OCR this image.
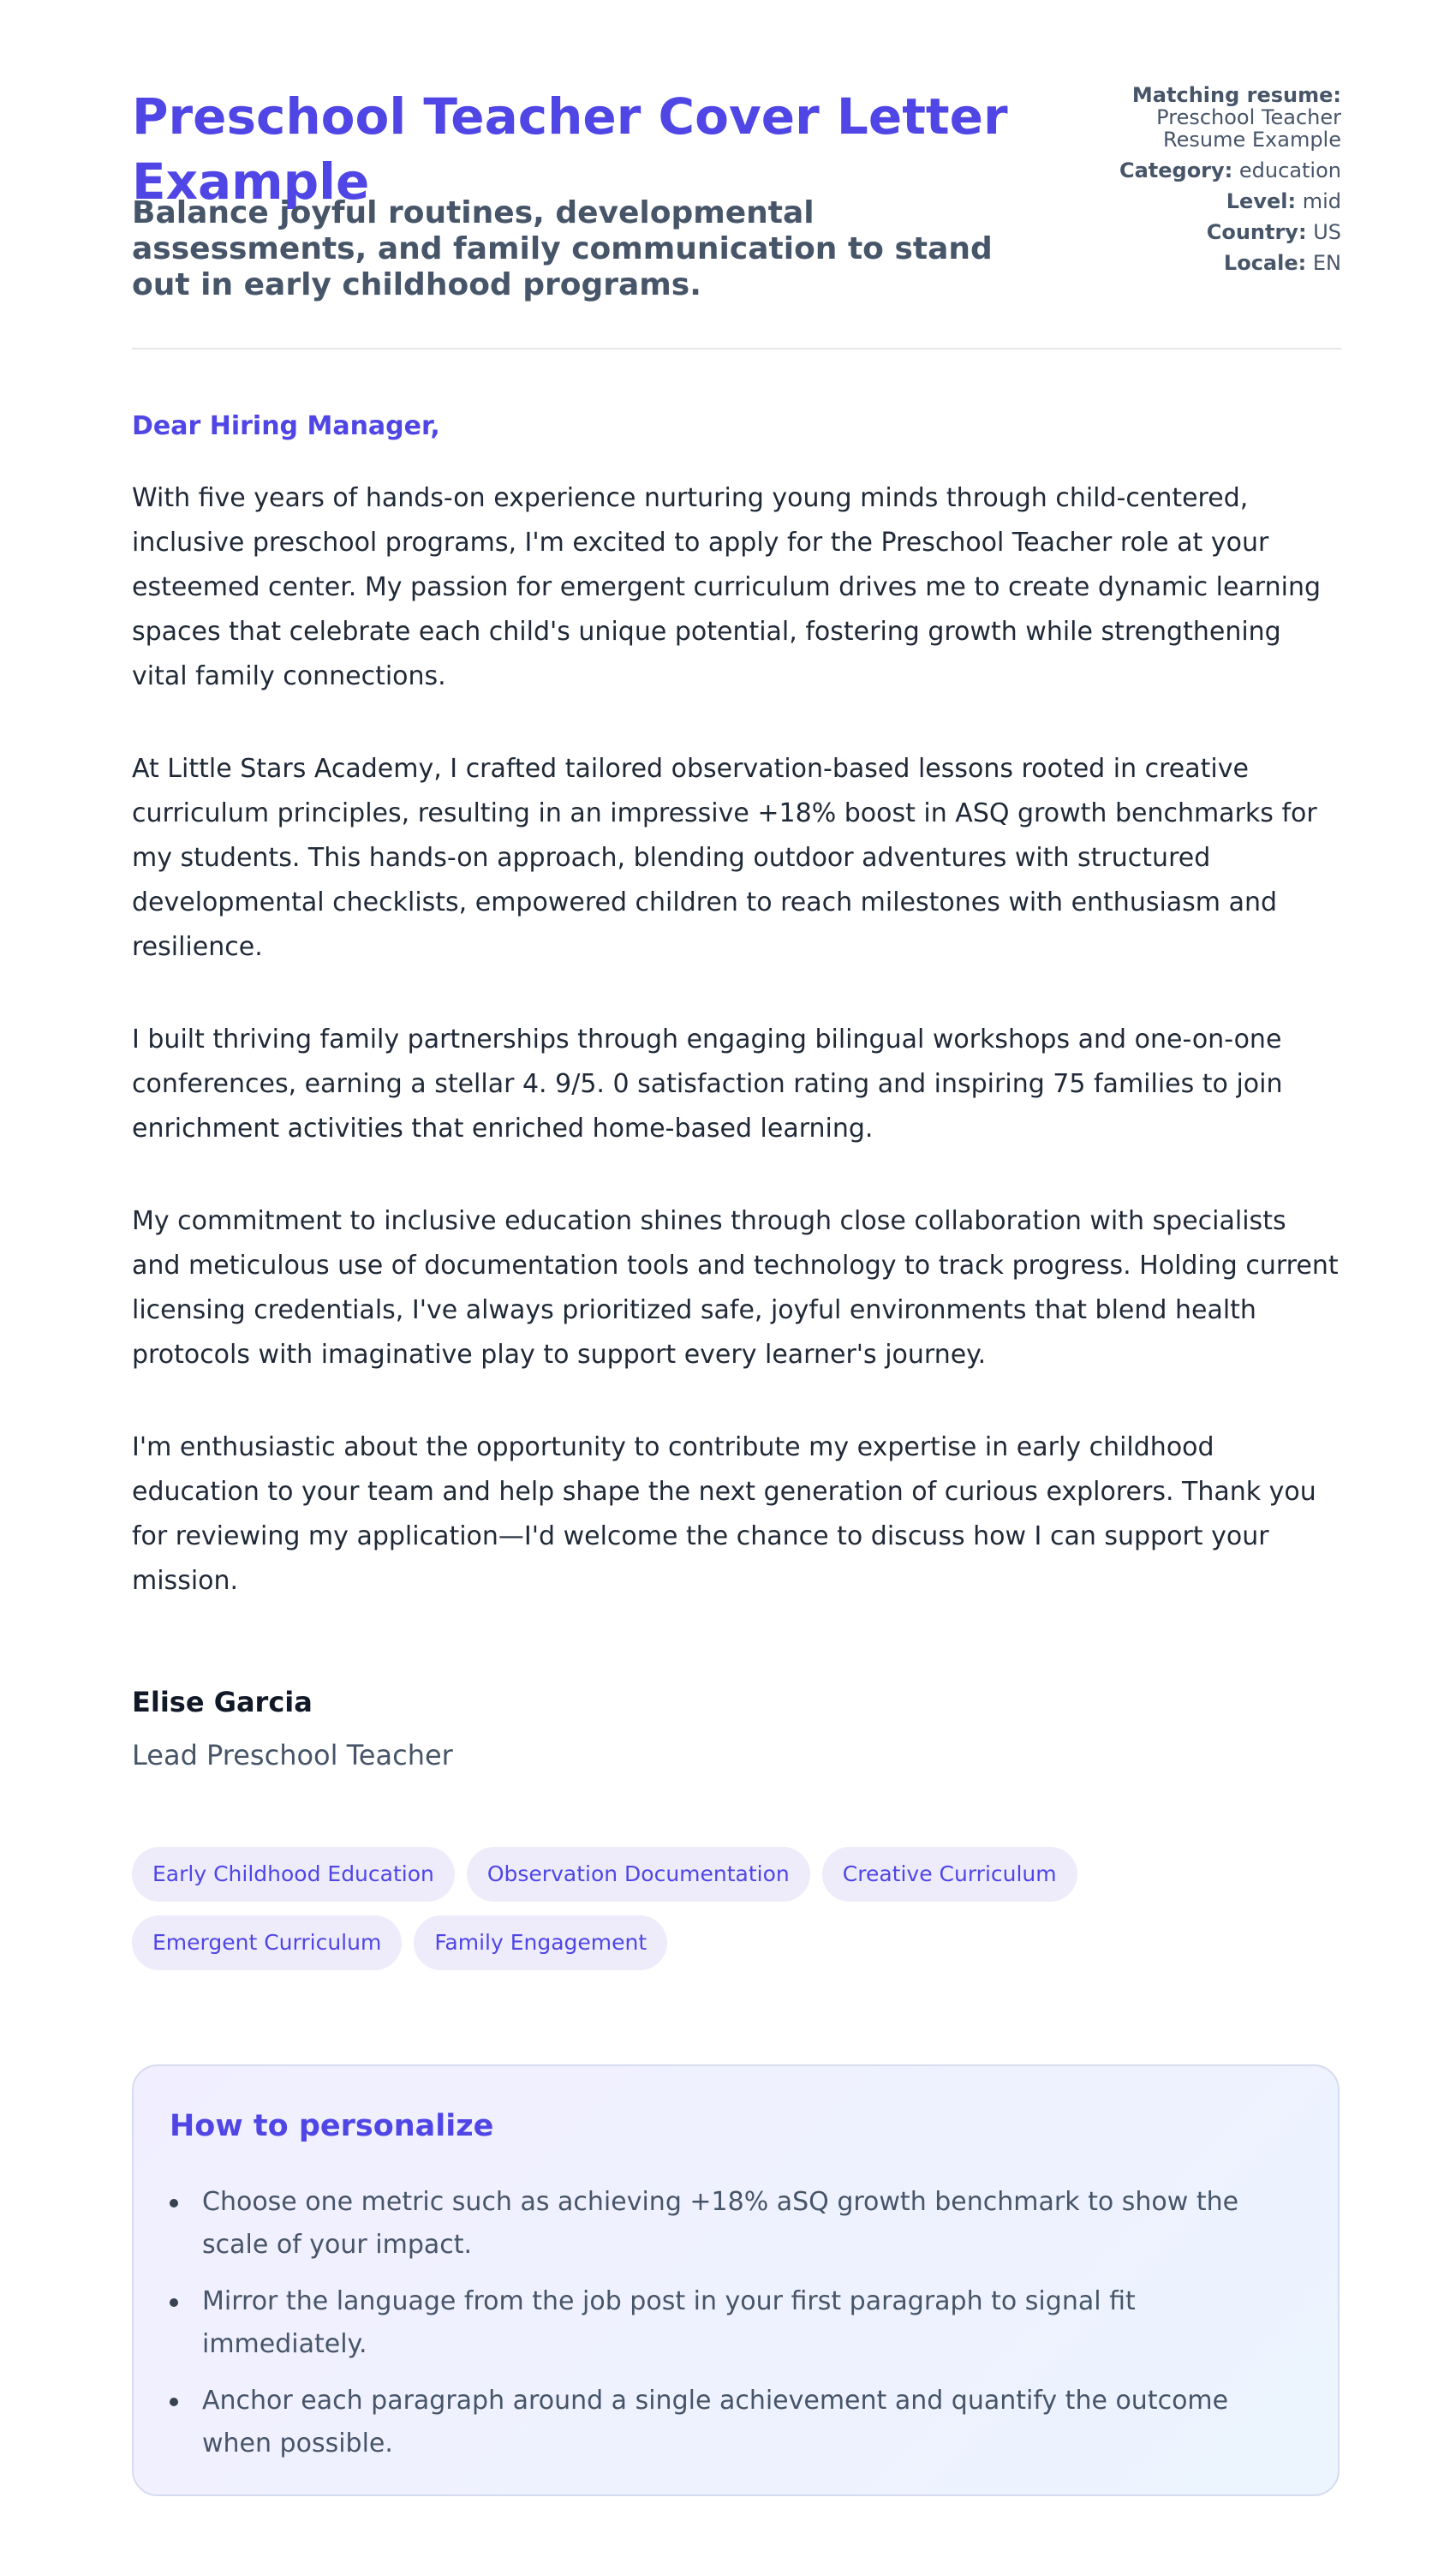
Preschool Teacher Cover Letter Example

Balance joyful routines, developmental assessments, and family communication to stand out in early childhood programs.

Matching resume:
Preschool Teacher
Resume Example
Category: education
Level: mid
Country: US
Locale: EN

Dear Hiring Manager,

With five years of hands-on experience nurturing young minds through child-centered, inclusive preschool programs, I'm excited to apply for the Preschool Teacher role at your esteemed center. My passion for emergent curriculum drives me to create dynamic learning spaces that celebrate each child's unique potential, fostering growth while strengthening vital family connections.

At Little Stars Academy, I crafted tailored observation-based lessons rooted in creative curriculum principles, resulting in an impressive +18% boost in ASQ growth benchmarks for my students. This hands-on approach, blending outdoor adventures with structured developmental checklists, empowered children to reach milestones with enthusiasm and resilience.

I built thriving family partnerships through engaging bilingual workshops and one-on-one conferences, earning a stellar 4. 9/5. 0 satisfaction rating and inspiring 75 families to join enrichment activities that enriched home-based learning.

My commitment to inclusive education shines through close collaboration with specialists and meticulous use of documentation tools and technology to track progress. Holding current licensing credentials, I've always prioritized safe, joyful environments that blend health protocols with imaginative play to support every learner's journey.

I'm enthusiastic about the opportunity to contribute my expertise in early childhood education to your team and help shape the next generation of curious explorers. Thank you for reviewing my application—I'd welcome the chance to discuss how I can support your mission.

Elise Garcia

Lead Preschool Teacher

Early Childhood Education Observation Documentation Creative CurriculumEmergent Curriculum Family Engagement
How to personalize
Choose one metric such as achieving +18% aSQ growth benchmark to show the scale of your impact.
Mirror the language from the job post in your first paragraph to signal fit immediately.
Anchor each paragraph around a single achievement and quantify the outcome when possible.
